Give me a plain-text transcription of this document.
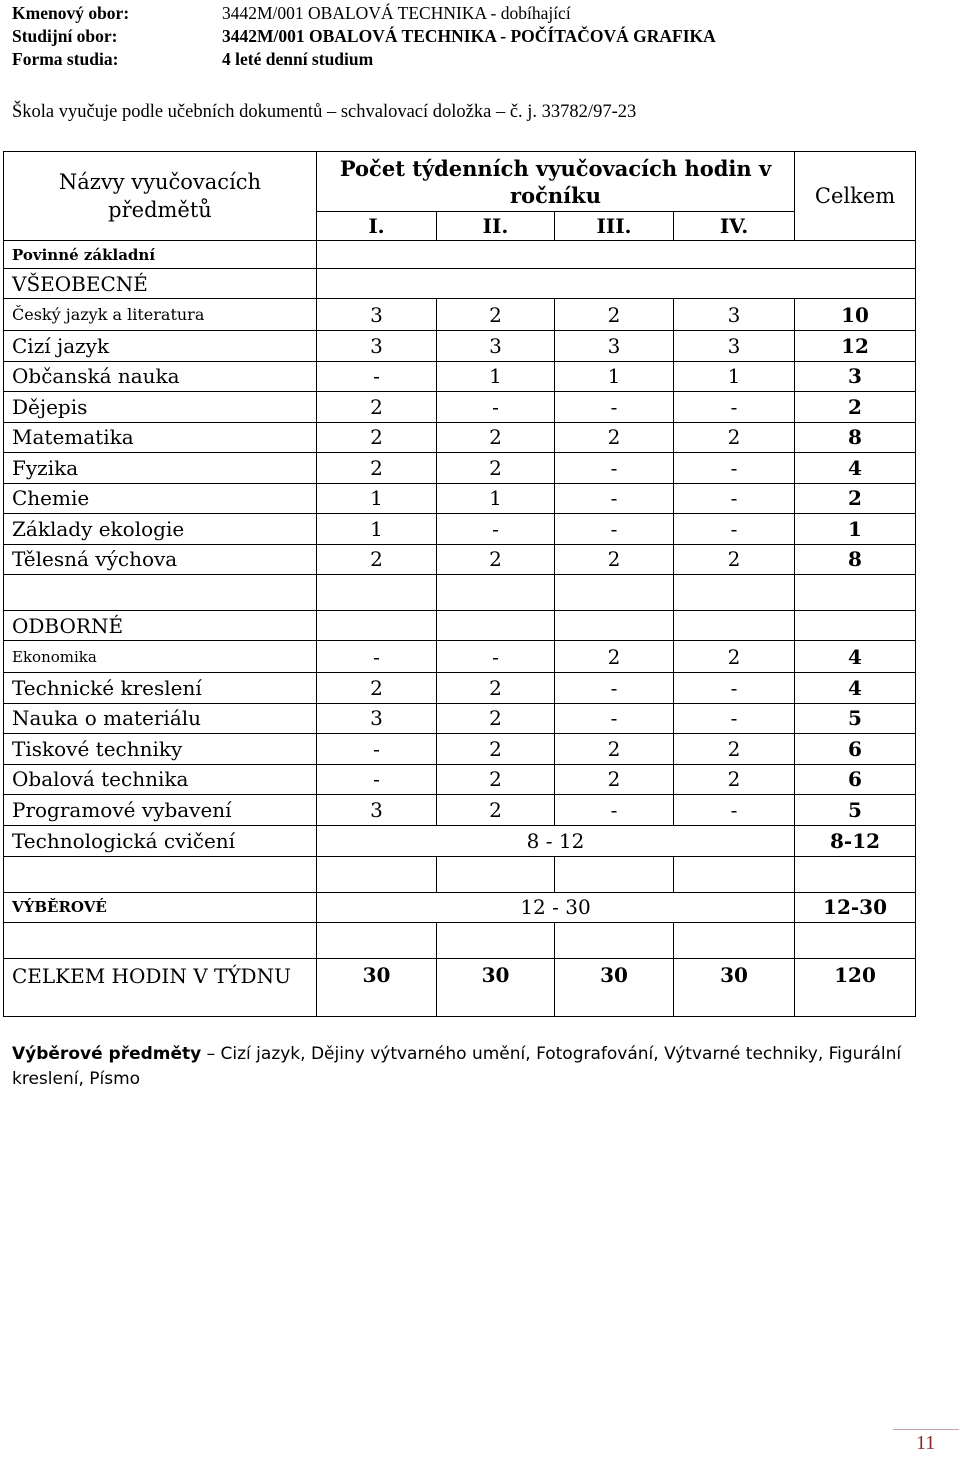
Kmenový obor:	3442M/001 OBALOVÁ TECHNIKA - dobíhající
Studijní obor:	3442M/001 OBALOVÁ TECHNIKA - POČÍTAČOVÁ GRAFIKA
Forma studia:	4 leté denní studium
Škola vyučuje podle učebních dokumentů – schvalovací doložka – č. j. 33782/97-23
Názvy vyučovacích předmětů	Počet týdenních vyučovacích hodin v ročníku				Celkem
	I.	II.	III.	IV.	
Povinné základní					
VŠEOBECNÉ					
Český jazyk a literatura	3	2	2	3	10
Cizí jazyk	3	3	3	3	12
Občanská nauka	-	1	1	1	3
Dějepis	2	-	-	-	2
Matematika	2	2	2	2	8
Fyzika	2	2	-	-	4
Chemie	1	1	-	-	2
Základy ekologie	1	-	-	-	1
Tělesná výchova	2	2	2	2	8

ODBORNÉ					
Ekonomika	-	-	2	2	4
Technické kreslení	2	2	-	-	4
Nauka o materiálu	3	2	-	-	5
Tiskové techniky	-	2	2	2	6
Obalová technika	-	2	2	2	6
Programové vybavení	3	2	-	-	5
Technologická cvičení	8 - 12				8-12

VÝBĚROVÉ	12 - 30				12-30

CELKEM HODIN V TÝDNU	30	30	30	30	120
Výběrové předměty – Cizí jazyk, Dějiny výtvarného umění, Fotografování, Výtvarné techniky, Figurální kreslení, Písmo
11
